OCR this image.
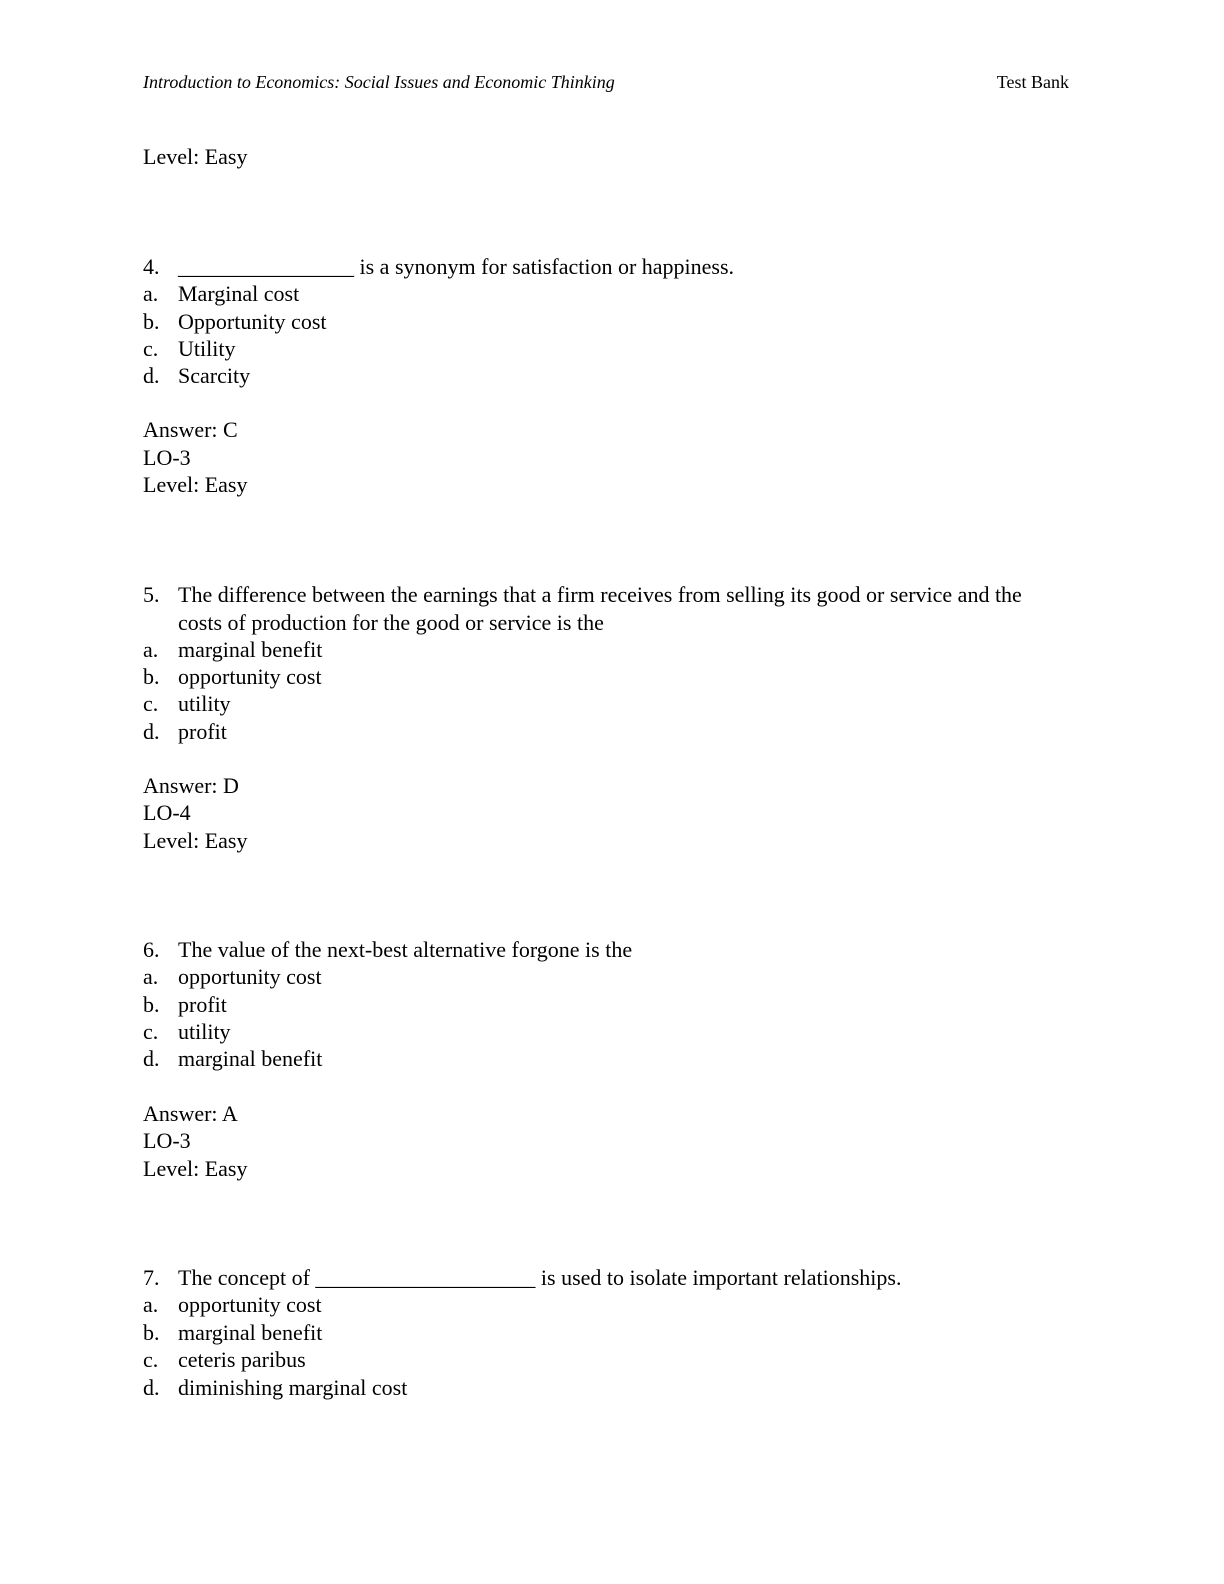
Introduction to Economics: Social Issues and Economic Thinking	Test Bank
Level: Easy
4. ________________ is a synonym for satisfaction or happiness.
a. Marginal cost
b. Opportunity cost
c. Utility
d. Scarcity
Answer: C
LO-3
Level: Easy
5. The difference between the earnings that a firm receives from selling its good or service and the costs of production for the good or service is the
a. marginal benefit
b. opportunity cost
c. utility
d. profit
Answer: D
LO-4
Level: Easy
6. The value of the next-best alternative forgone is the
a. opportunity cost
b. profit
c. utility
d. marginal benefit
Answer: A
LO-3
Level: Easy
7. The concept of ____________________ is used to isolate important relationships.
a. opportunity cost
b. marginal benefit
c. ceteris paribus
d. diminishing marginal cost
